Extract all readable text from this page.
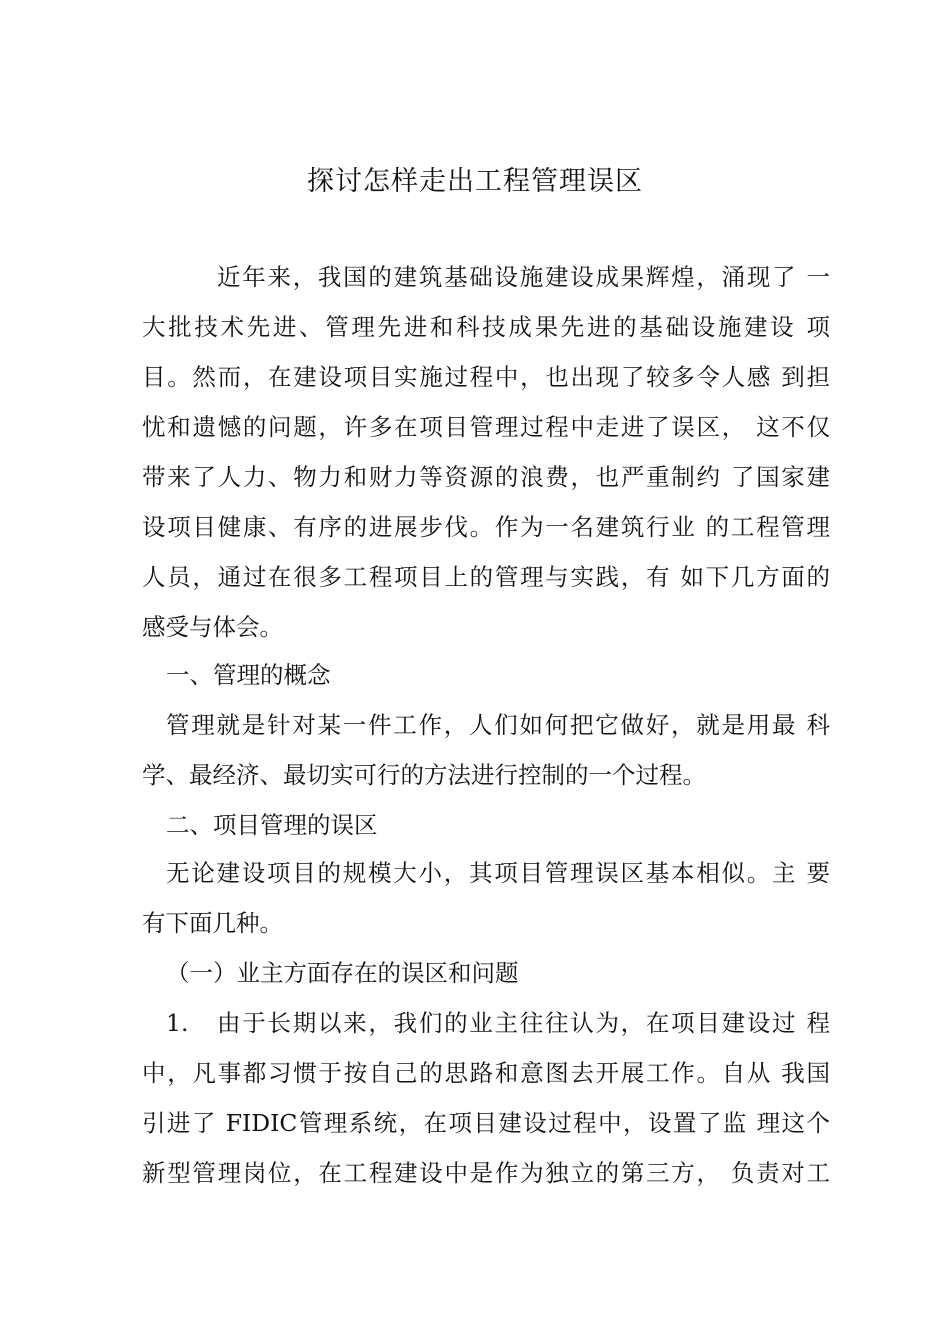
探讨怎样走出工程管理误区
近年来，我国的建筑基础设施建设成果辉煌，涌现了 一
大批技术先进、管理先进和科技成果先进的基础设施建设 项
目。然而，在建设项目实施过程中，也出现了较多令人感 到担
忧和遗憾的问题，许多在项目管理过程中走进了误区， 这不仅
带来了人力、物力和财力等资源的浪费，也严重制约 了国家建
设项目健康、有序的进展步伐。作为一名建筑行业 的工程管理
人员，通过在很多工程项目上的管理与实践，有 如下几方面的
感受与体会。
一、管理的概念
管理就是针对某一件工作，人们如何把它做好，就是用最 科
学、最经济、最切实可行的方法进行控制的一个过程。
二、项目管理的误区
无论建设项目的规模大小，其项目管理误区基本相似。主 要
有下面几种。
（一）业主方面存在的误区和问题
1.	由于长期以来，我们的业主往往认为，在项目建设过 程
中，凡事都习惯于按自己的思路和意图去开展工作。自从 我国
引进了 FIDIC管理系统，在项目建设过程中，设置了监 理这个
新型管理岗位，在工程建设中是作为独立的第三方， 负责对工
